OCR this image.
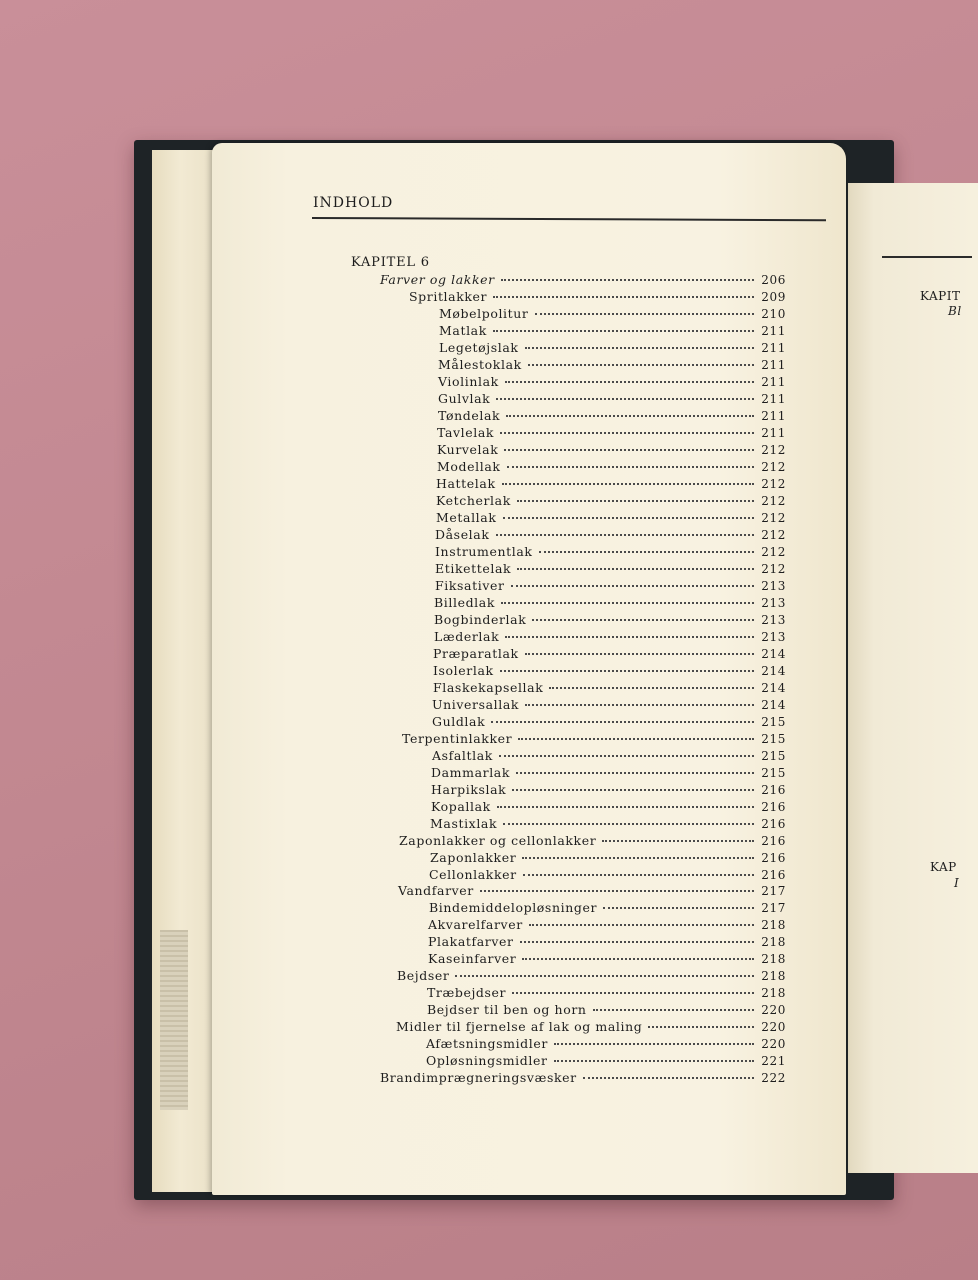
KAPIT
Bl
KAP
I
INDHOLD
KAPITEL 6
Farver og lakker	206
Spritlakker	209
Møbelpolitur	210
Matlak	211
Legetøjslak	211
Målestoklak	211
Violinlak	211
Gulvlak	211
Tøndelak	211
Tavlelak	211
Kurvelak	212
Modellak	212
Hattelak	212
Ketcherlak	212
Metallak	212
Dåselak	212
Instrumentlak	212
Etikettelak	212
Fiksativer	213
Billedlak	213
Bogbinderlak	213
Læderlak	213
Præparatlak	214
Isolerlak	214
Flaskekapsellak	214
Universallak	214
Guldlak	215
Terpentinlakker	215
Asfaltlak	215
Dammarlak	215
Harpikslak	216
Kopallak	216
Mastixlak	216
Zaponlakker og cellonlakker	216
Zaponlakker	216
Cellonlakker	216
Vandfarver	217
Bindemiddelopløsninger	217
Akvarelfarver	218
Plakatfarver	218
Kaseinfarver	218
Bejdser	218
Træbejdser	218
Bejdser til ben og horn	220
Midler til fjernelse af lak og maling	220
Afætsningsmidler	220
Opløsningsmidler	221
Brandimprægneringsvæsker	222
